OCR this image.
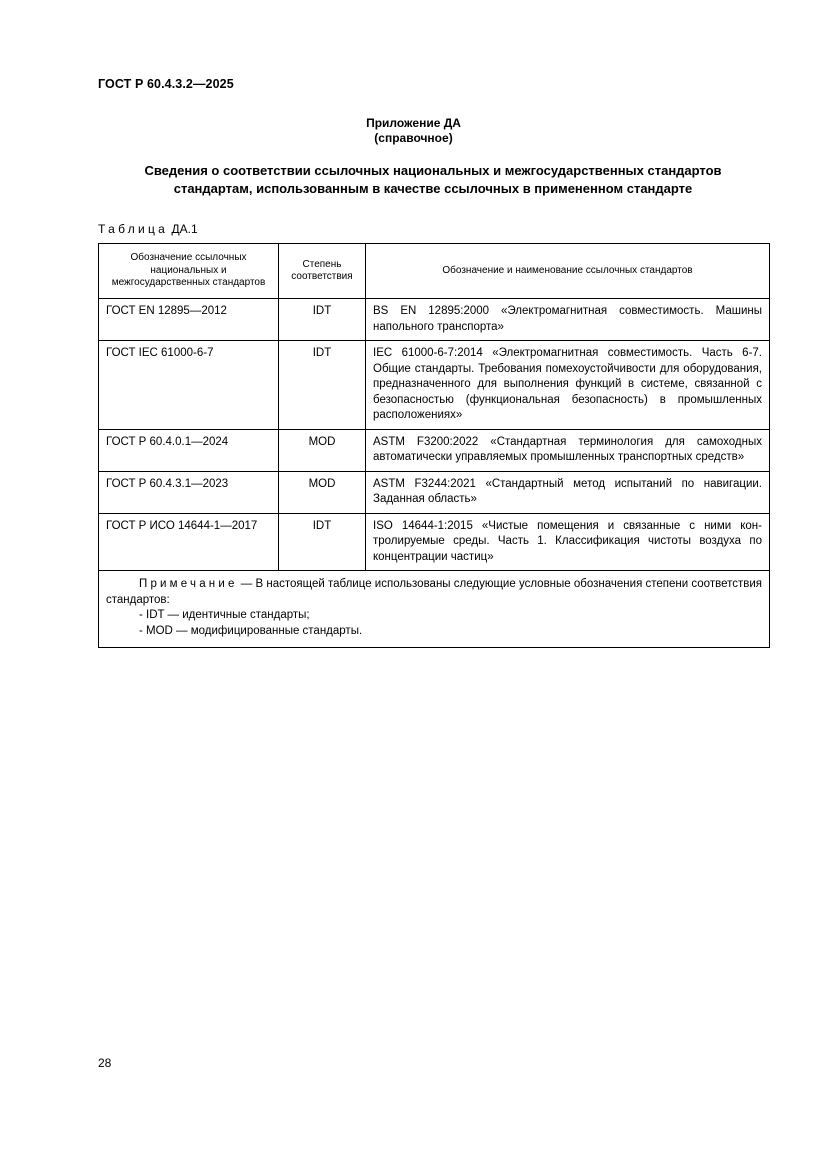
ГОСТ Р 60.4.3.2—2025
Приложение ДА
(справочное)
Сведения о соответствии ссылочных национальных и межгосударственных стандартов
стандартам, использованным в качестве ссылочных в примененном стандарте
Таблица ДА.1
Обозначение ссылочных национальных и межгосударственных стандартов	Степень соответствия	Обозначение и наименование ссылочных стандартов
ГОСТ EN 12895—2012	IDT	BS EN 12895:2000 «Электромагнитная совместимость. Машины напольного транспорта»
ГОСТ IEC 61000-6-7	IDT	IEC 61000-6-7:2014 «Электромагнитная совместимость. Часть 6-7. Общие стандарты. Требования помехоустойчивости для оборудования, предназначенного для выполнения функций в системе, связанной с безопасностью (функциональная безопасность) в промышленных расположениях»
ГОСТ Р 60.4.0.1—2024	MOD	ASTM F3200:2022 «Стандартная терминология для самоходных автоматически управляемых промышленных транспортных средств»
ГОСТ Р 60.4.3.1—2023	MOD	ASTM F3244:2021 «Стандартный метод испытаний по навигации. Заданная область»
ГОСТ Р ИСО 14644-1—2017	IDT	ISO 14644-1:2015 «Чистые помещения и связанные с ними контролируемые среды. Часть 1. Классификация чистоты воздуха по концентрации частиц»

Примечание — В настоящей таблице использованы следующие условные обозначения степени соответствия стандартов:
- IDT — идентичные стандарты;
- MOD — модифицированные стандарты.		
28
